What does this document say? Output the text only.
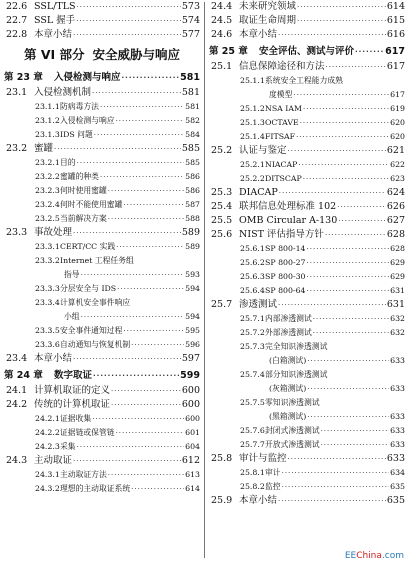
22.6 SSL/TLS ·····	573
22.7 SSL 握手 ·····	574
22.8 本章小结 ·····	577
第 VI 部分 安全威胁与响应
第 23 章	入侵检测与响应 ·····	581
23.1 入侵检测机制 ·····	581
23.1.1 防病毒方法 ·····	581
23.1.2 入侵检测与响应 ·····	582
23.1.3 IDS 问题 ·····	584
23.2 蜜罐 ·····	585
23.2.1 目的 ·····	585
23.2.2 蜜罐的种类 ·····	586
23.2.3 何时使用蜜罐 ·····	586
23.2.4 何时不能使用蜜罐 ·····	587
23.2.5 当前解决方案 ·····	588
23.3 事故处理 ·····	589
23.3.1 CERT/CC 实践 ·····	589
23.3.2 Internet 工程任务组
指导 ·····	593
23.3.3 分层安全与 IDS ·····	594
23.3.4 计算机安全事件响应
小组 ·····	594
23.3.5 安全事件通知过程 ·····	595
23.3.6 自动通知与恢复机制 ·····	596
23.4 本章小结 ·····	597
第 24 章	数字取证 ·····	599
24.1 计算机取证的定义 ·····	600
24.2 传统的计算机取证 ·····	600
24.2.1 证据收集 ·····	600
24.2.2 证据链或保管链 ·····	601
24.2.3 采集 ·····	604
24.3 主动取证 ·····	612
24.3.1 主动取证方法 ·····	613
24.3.2 理想的主动取证系统 ·····	614
24.4 未来研究领域 ·····	614
24.5 取证生命周期 ·····	615
24.6 本章小结 ·····	616
第 25 章	安全评估、测试与评价 ·····	617
25.1 信息保障途径和方法 ·····	617
25.1.1 系统安全工程能力成熟
度模型 ·····	617
25.1.2 NSA IAM ·····	619
25.1.3 OCTAVE ·····	620
25.1.4 FITSAF ·····	620
25.2 认证与鉴定 ·····	621
25.2.1 NIACAP ·····	622
25.2.2 DITSCAP ·····	623
25.3 DIACAP ·····	624
25.4 联邦信息处理标准 102 ·····	626
25.5 OMB Circular A-130 ·····	627
25.6 NIST 评估指导方针 ·····	628
25.6.1 SP 800-14 ·····	628
25.6.2 SP 800-27 ·····	629
25.6.3 SP 800-30 ·····	629
25.6.4 SP 800-64 ·····	631
25.7 渗透测试 ·····	631
25.7.1 内部渗透测试 ·····	632
25.7.2 外部渗透测试 ·····	632
25.7.3 完全知识渗透测试
(白箱测试) ·····	633
25.7.4 部分知识渗透测试
(灰箱测试) ·····	633
25.7.5 零知识渗透测试
(黑箱测试) ·····	633
25.7.6 封闭式渗透测试 ·····	633
25.7.7 开放式渗透测试 ·····	633
25.8 审计与监控 ·····	633
25.8.1 审计 ·····	634
25.8.2 监控 ·····	635
25.9 本章小结 ·····	635
EEChina.com
